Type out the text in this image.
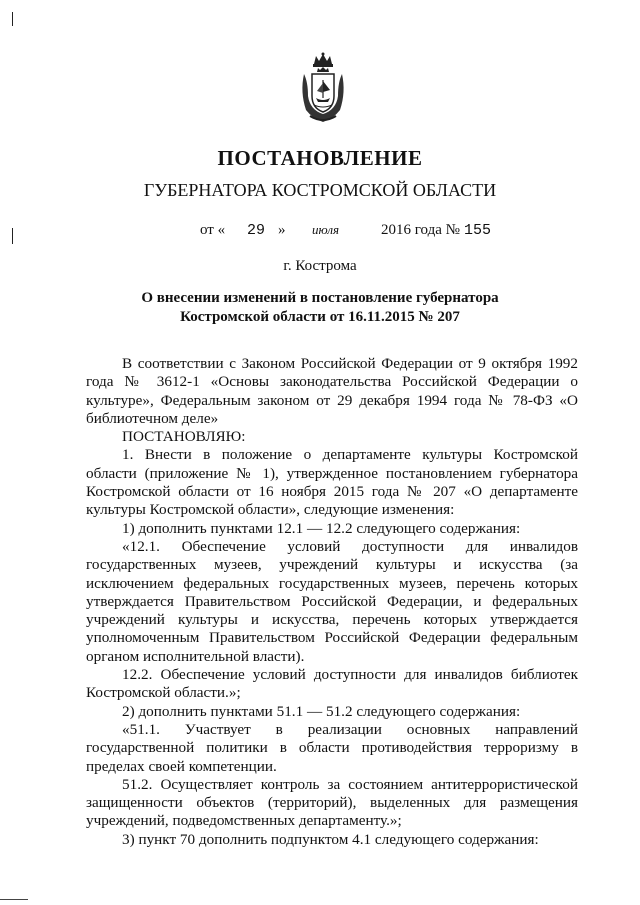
ПОСТАНОВЛЕНИЕ
ГУБЕРНАТОРА КОСТРОМСКОЙ ОБЛАСТИ
от « 29 » июля	2016 года № 155
г. Кострома
О внесении изменений в постановление губернатора
Костромской области от 16.11.2015 № 207

В соответствии с Законом Российской Федерации от 9 октября 1992 года № 3612-1 «Основы законодательства Российской Федерации о культуре», Федеральным законом от 29 декабря 1994 года № 78-ФЗ «О библиотечном деле»

ПОСТАНОВЛЯЮ:

1. Внести в положение о департаменте культуры Костромской области (приложение № 1), утвержденное постановлением губернатора Костромской области от 16 ноября 2015 года № 207 «О департаменте культуры Костромской области», следующие изменения:

1) дополнить пунктами 12.1 — 12.2 следующего содержания:

«12.1. Обеспечение условий доступности для инвалидов государственных музеев, учреждений культуры и искусства (за исключением федеральных государственных музеев, перечень которых утверждается Правительством Российской Федерации, и федеральных учреждений культуры и искусства, перечень которых утверждается уполномоченным Правительством Российской Федерации федеральным органом исполнительной власти).

12.2. Обеспечение условий доступности для инвалидов библиотек Костромской области.»;

2) дополнить пунктами 51.1 — 51.2 следующего содержания:

«51.1. Участвует в реализации основных направлений государственной политики в области противодействия терроризму в пределах своей компетенции.

51.2. Осуществляет контроль за состоянием антитеррористической защищенности объектов (территорий), выделенных для размещения учреждений, подведомственных департаменту.»;

3) пункт 70 дополнить подпунктом 4.1 следующего содержания:
